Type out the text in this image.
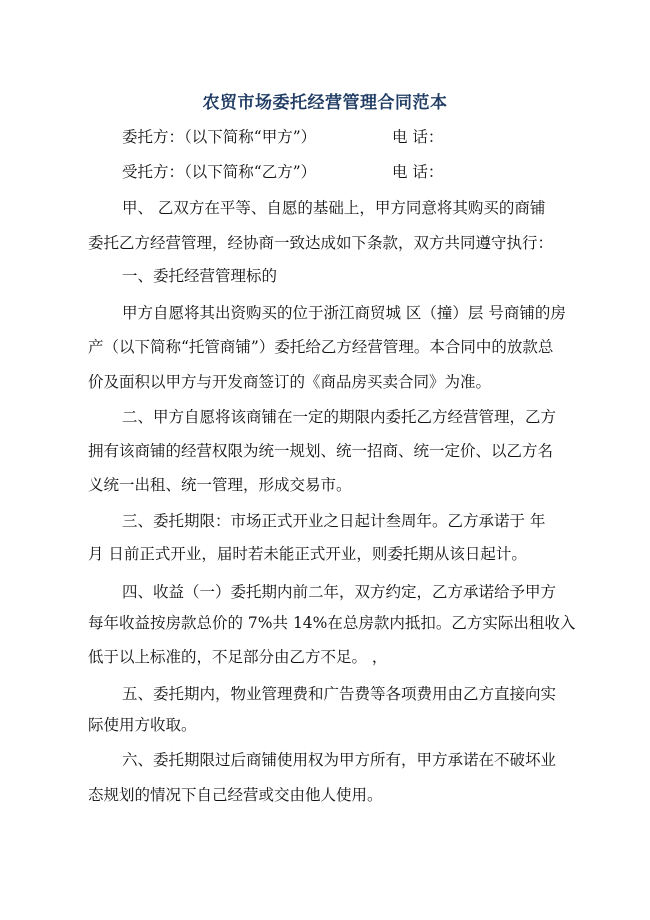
农贸市场委托经营管理合同范本
委托方：（以下简称“甲方”）	电 话：
受托方：（以下简称“乙方”）	电 话：
甲、 乙双方在平等、自愿的基础上，甲方同意将其购买的商铺
委托乙方经营管理，经协商一致达成如下条款，双方共同遵守执行：
一、委托经营管理标的
甲方自愿将其出资购买的位于浙江商贸城 区（撞）层 号商铺的房
产（以下简称“托管商铺”）委托给乙方经营管理。本合同中的放款总
价及面积以甲方与开发商签订的《商品房买卖合同》为准。
二、甲方自愿将该商铺在一定的期限内委托乙方经营管理，乙方
拥有该商铺的经营权限为统一规划、统一招商、统一定价、以乙方名
义统一出租、统一管理，形成交易市。
三、委托期限：市场正式开业之日起计叁周年。乙方承诺于 年
月 日前正式开业，届时若未能正式开业，则委托期从该日起计。
四、收益（一）委托期内前二年，双方约定，乙方承诺给予甲方
每年收益按房款总价的 7%共 14%在总房款内抵扣。乙方实际出租收入
低于以上标准的，不足部分由乙方不足。 ，
五、委托期内，物业管理费和广告费等各项费用由乙方直接向实
际使用方收取。
六、委托期限过后商铺使用权为甲方所有，甲方承诺在不破坏业
态规划的情况下自己经营或交由他人使用。
